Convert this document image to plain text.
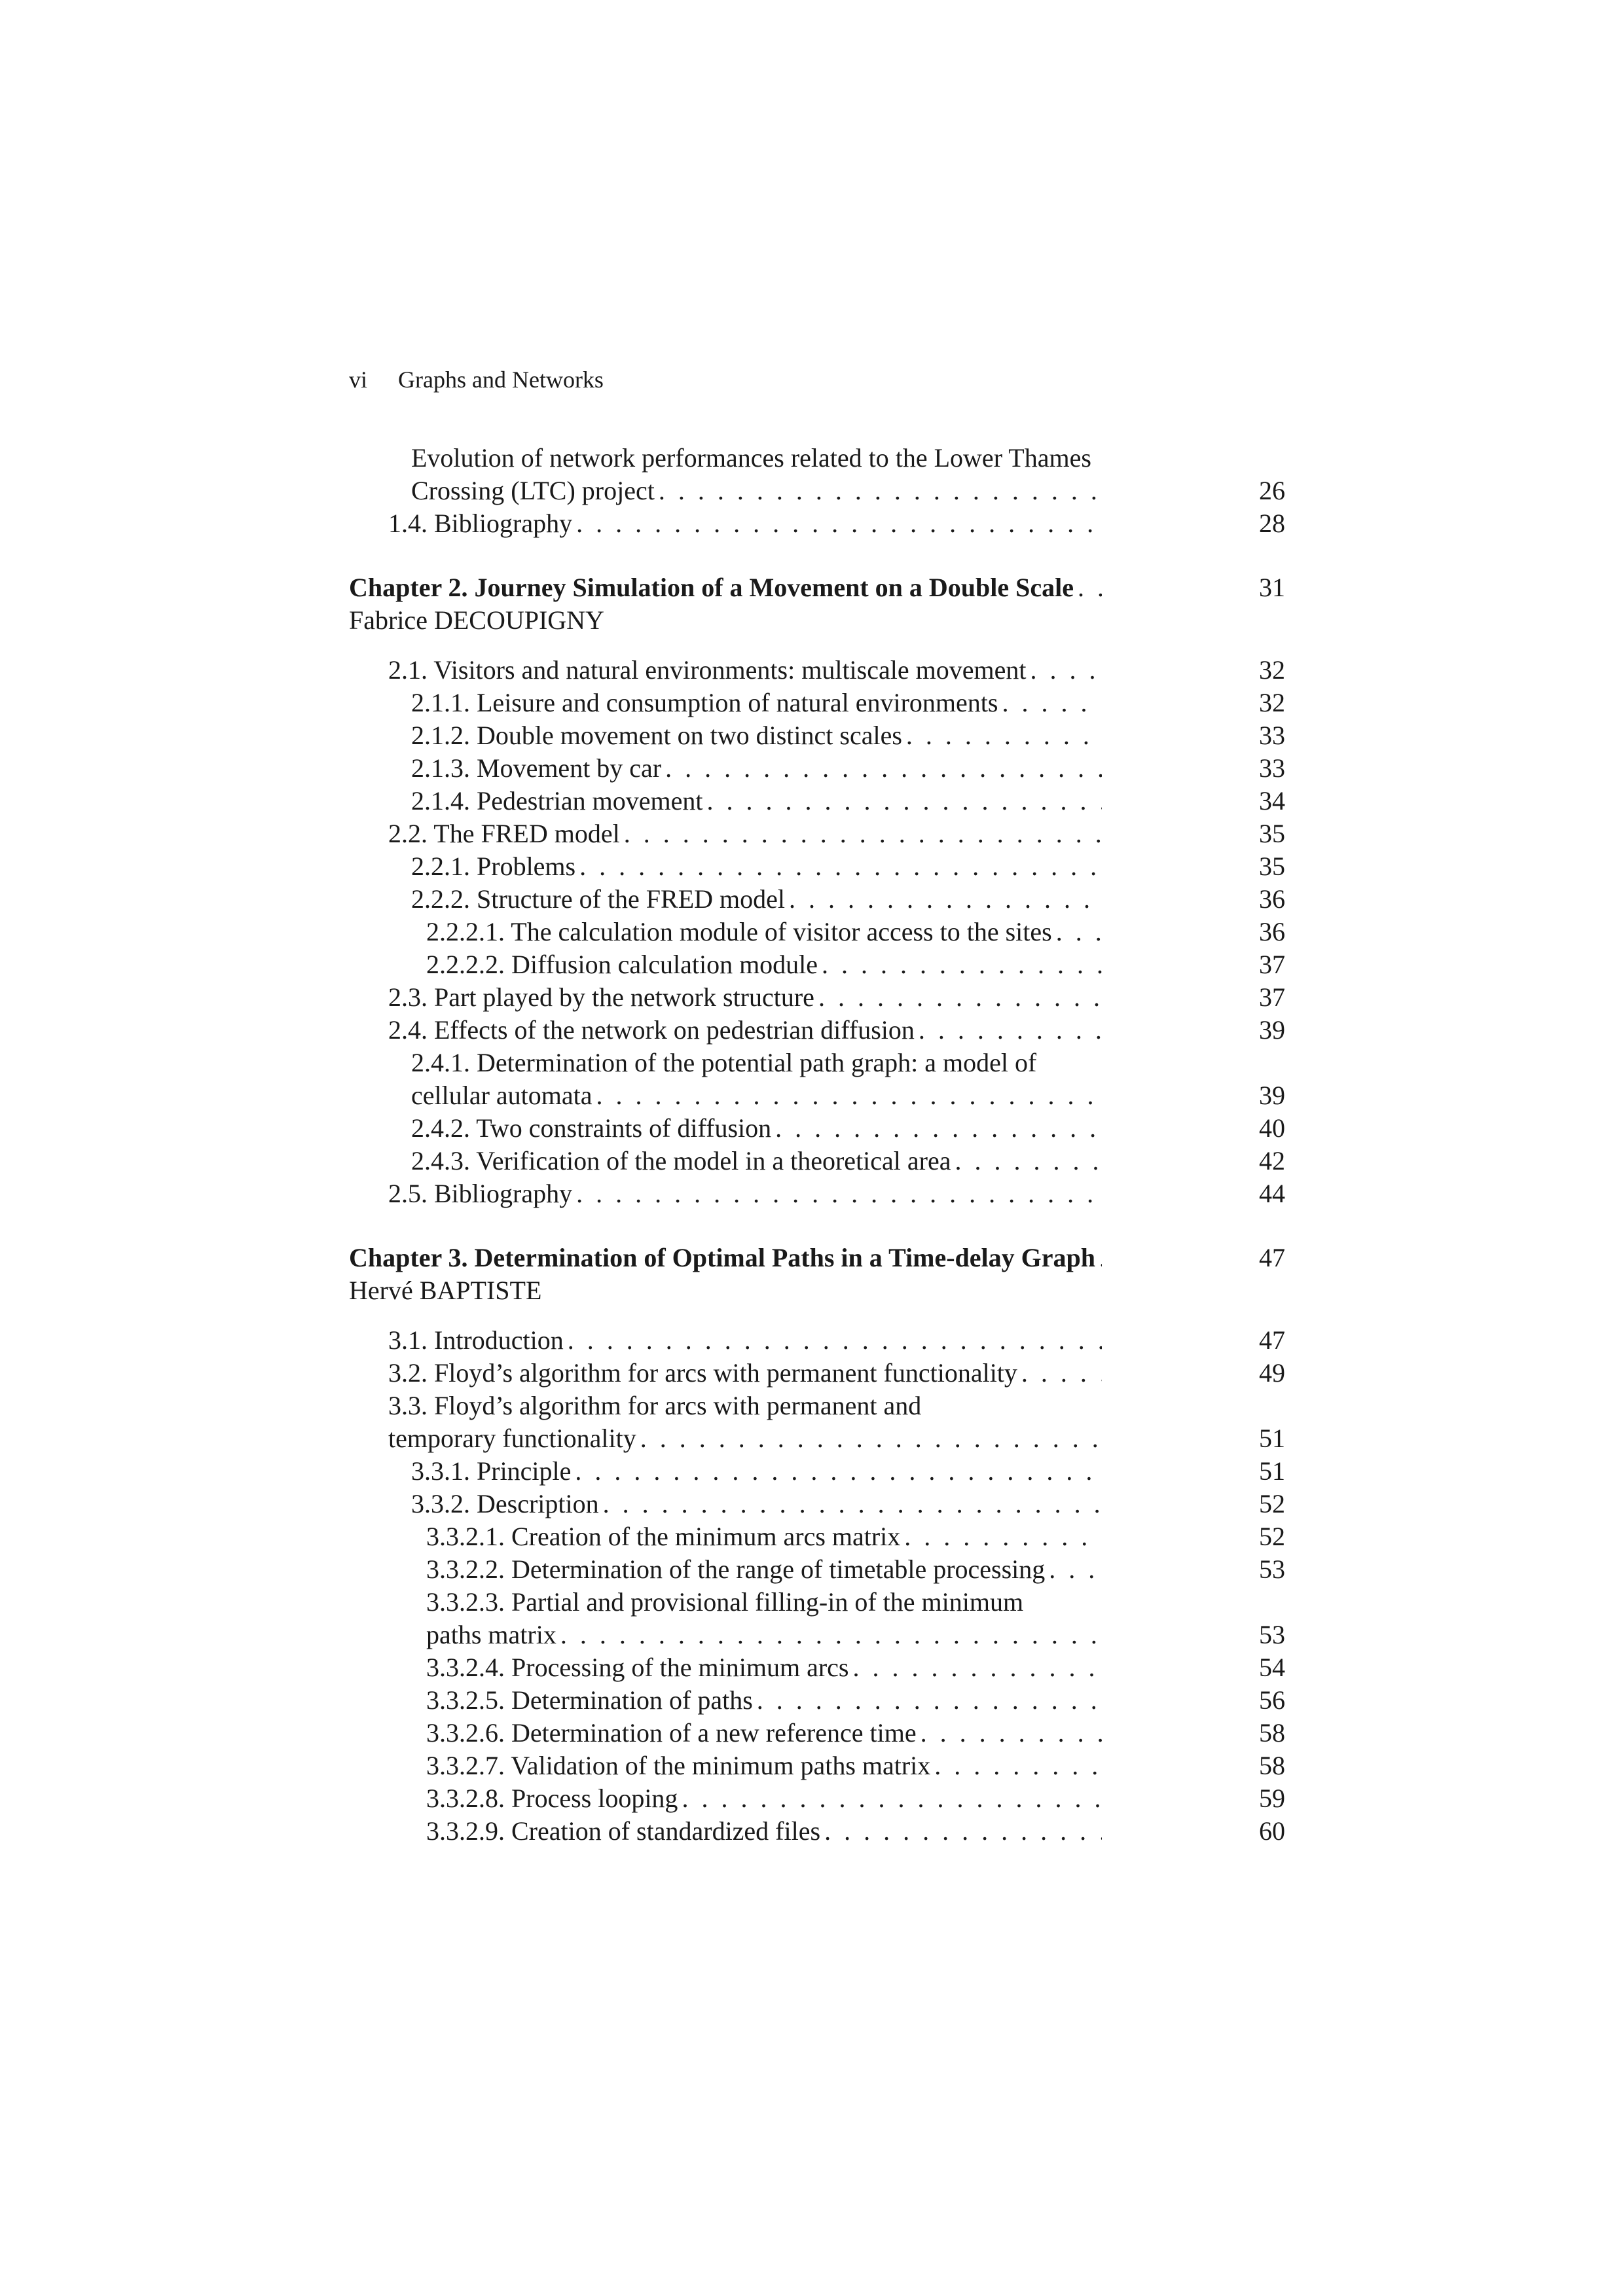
vi Graphs and Networks
Evolution of network performances related to the Lower Thames
Crossing (LTC) project . . .	26
1.4. Bibliography . . .	28
Chapter 2. Journey Simulation of a Movement on a Double Scale . . .	31
Fabrice DECOUPIGNY
2.1. Visitors and natural environments: multiscale movement . . .	32
2.1.1. Leisure and consumption of natural environments . . .	32
2.1.2. Double movement on two distinct scales . . .	33
2.1.3. Movement by car . . .	33
2.1.4. Pedestrian movement . . .	34
2.2. The FRED model . . .	35
2.2.1. Problems . . .	35
2.2.2. Structure of the FRED model . . .	36
2.2.2.1. The calculation module of visitor access to the sites . . .	36
2.2.2.2. Diffusion calculation module . . .	37
2.3. Part played by the network structure . . .	37
2.4. Effects of the network on pedestrian diffusion . . .	39
2.4.1. Determination of the potential path graph: a model of
cellular automata . . .	39
2.4.2. Two constraints of diffusion . . .	40
2.4.3. Verification of the model in a theoretical area . . .	42
2.5. Bibliography . . .	44
Chapter 3. Determination of Optimal Paths in a Time-delay Graph . . .	47
Hervé BAPTISTE
3.1. Introduction . . .	47
3.2. Floyd’s algorithm for arcs with permanent functionality . . .	49
3.3. Floyd’s algorithm for arcs with permanent and
temporary functionality . . .	51
3.3.1. Principle . . .	51
3.3.2. Description . . .	52
3.3.2.1. Creation of the minimum arcs matrix . . .	52
3.3.2.2. Determination of the range of timetable processing . . .	53
3.3.2.3. Partial and provisional filling-in of the minimum
paths matrix . . .	53
3.3.2.4. Processing of the minimum arcs . . .	54
3.3.2.5. Determination of paths . . .	56
3.3.2.6. Determination of a new reference time . . .	58
3.3.2.7. Validation of the minimum paths matrix . . .	58
3.3.2.8. Process looping . . .	59
3.3.2.9. Creation of standardized files . . .	60
